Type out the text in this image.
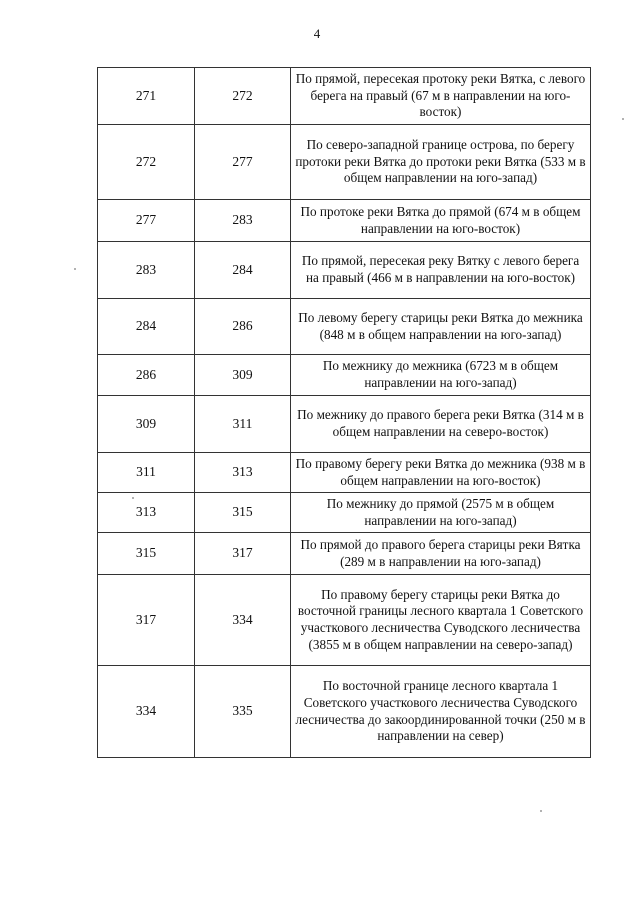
4
271	272	По прямой, пересекая протоку реки Вятка, с левого берега на правый (67 м в направлении на юго-восток)
272	277	По северо-западной границе острова, по берегу протоки реки Вятка до протоки реки Вятка (533 м в общем направлении на юго-запад)
277	283	По протоке реки Вятка до прямой (674 м в общем направлении на юго-восток)
283	284	По прямой, пересекая реку Вятку с левого берега на правый (466 м в направлении на юго-восток)
284	286	По левому берегу старицы реки Вятка до межника (848 м в общем направлении на юго-запад)
286	309	По межнику до межника (6723 м в общем направлении на юго-запад)
309	311	По межнику до правого берега реки Вятка (314 м в общем направлении на северо-восток)
311	313	По правому берегу реки Вятка до межника (938 м в общем направлении на юго-восток)
313	315	По межнику до прямой (2575 м в общем направлении на юго-запад)
315	317	По прямой до правого берега старицы реки Вятка (289 м в направлении на юго-запад)
317	334	По правому берегу старицы реки Вятка до восточной границы лесного квартала 1 Советского участкового лесничества Суводского лесничества (3855 м в общем направлении на северо-запад)
334	335	По восточной границе лесного квартала 1 Советского участкового лесничества Суводского лесничества до закоординированной точки (250 м в направлении на север)
